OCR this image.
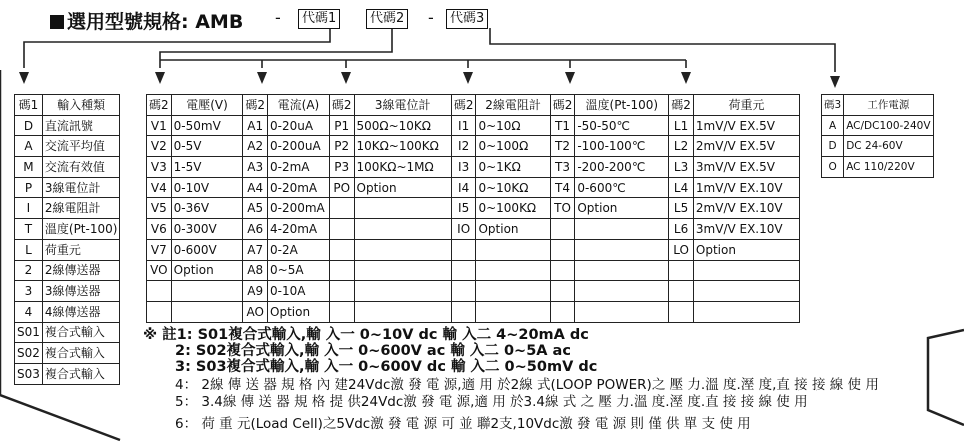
選用型號規格: AMB -	代碼1	代碼2 -	代碼3
碼1	輸入種類
D	直流訊號
A	交流平均值
M	交流有效值
P	3線電位計
I	2線電阻計
T	溫度(Pt-100)
L	荷重元
2	2線傳送器
3	3線傳送器
4	4線傳送器
S01	複合式輸入
S02	複合式輸入
S03	複合式輸入
碼2	電壓(V)	碼2	電流(A)	碼2	3線電位計	碼2	2線電阻計	碼2	溫度(Pt-100)	碼2	荷重元
V1	0-50mV	A1	0-20uA	P1	500Ω~10KΩ	I1	0~10Ω	T1	-50-50℃	L1	1mV/V EX.5V
V2	0-5V	A2	0-200uA	P2	10KΩ~100KΩ	I2	0~100Ω	T2	-100-100℃	L2	2mV/V EX.5V
V3	1-5V	A3	0-2mA	P3	100KΩ~1MΩ	I3	0~1KΩ	T3	-200-200℃	L3	3mV/V EX.5V
V4	0-10V	A4	0-20mA	PO	Option	I4	0~10KΩ	T4	0-600℃	L4	1mV/V EX.10V
V5	0-36V	A5	0-200mA			I5	0~100KΩ	TO	Option	L5	2mV/V EX.10V
V6	0-300V	A6	4-20mA			IO	Option			L6	3mV/V EX.10V
V7	0-600V	A7	0-2A							LO	Option
VO	Option	A8	0~5A								
		A9	0-10A								
		AO	Option								
碼3	工作電源
A	AC/DC100-240V
D	DC 24-60V
O	AC 110/220V
※ 註1: S01複合式輸入,輸 入一 0~10V dc 輸 入二 4~20mA dc
2: S02複合式輸入,輸 入一 0~600V ac 輸 入二 0~5A ac
3: S03複合式輸入,輸 入一 0~600V dc 輸 入二 0~50mV dc
4： 2線 傳 送 器 規 格 內 建24Vdc激 發 電 源,適 用 於2線 式(LOOP POWER)之 壓 力.溫 度.溼 度,直 接 接 線 使 用
5： 3.4線 傳 送 器 規 格 提 供24Vdc激 發 電 源,適 用 於3.4線 式 之 壓 力.溫 度.溼 度.直 接 接 線 使 用
6： 荷 重 元(Load Cell)之5Vdc激 發 電 源 可 並 聯2支,10Vdc激 發 電 源 則 僅 供 單 支 使 用
